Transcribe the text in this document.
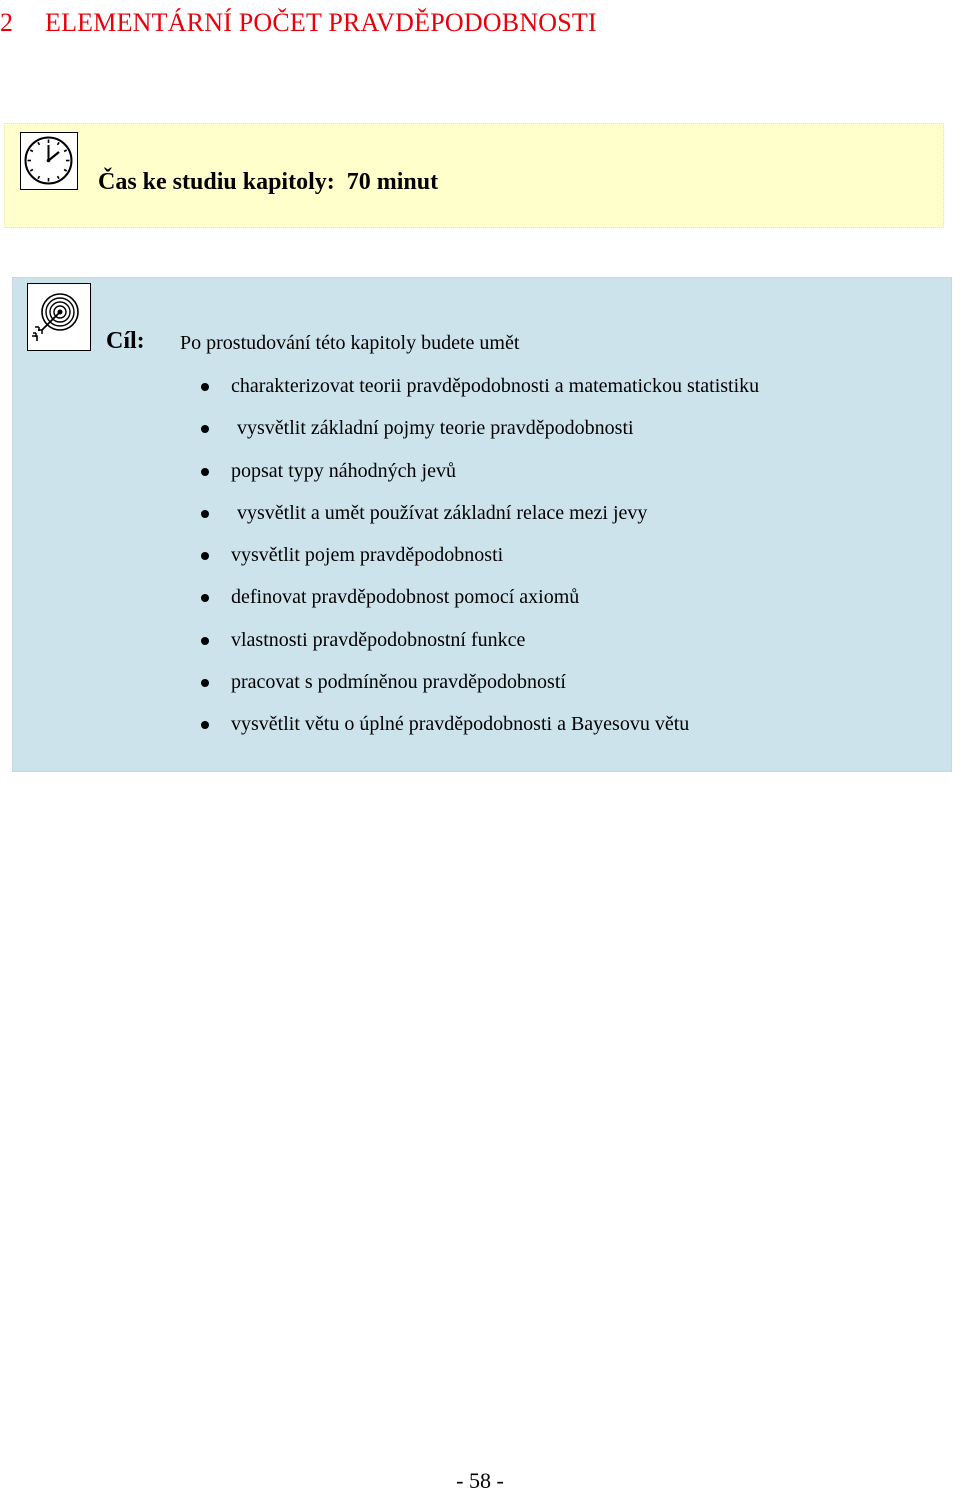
2 ELEMENTÁRNÍ POČET PRAVDĚPODOBNOSTI
Čas ke studiu kapitoly: 70 minut
Cíl: Po prostudování této kapitoly budete umět
charakterizovat teorii pravděpodobnosti a matematickou statistiku
vysvětlit základní pojmy teorie pravděpodobnosti
popsat typy náhodných jevů
vysvětlit a umět používat základní relace mezi jevy
vysvětlit pojem pravděpodobnosti
definovat pravděpodobnost pomocí axiomů
vlastnosti pravděpodobnostní funkce
pracovat s podmíněnou pravděpodobností
vysvětlit větu o úplné pravděpodobnosti a Bayesovu větu
- 58 -
